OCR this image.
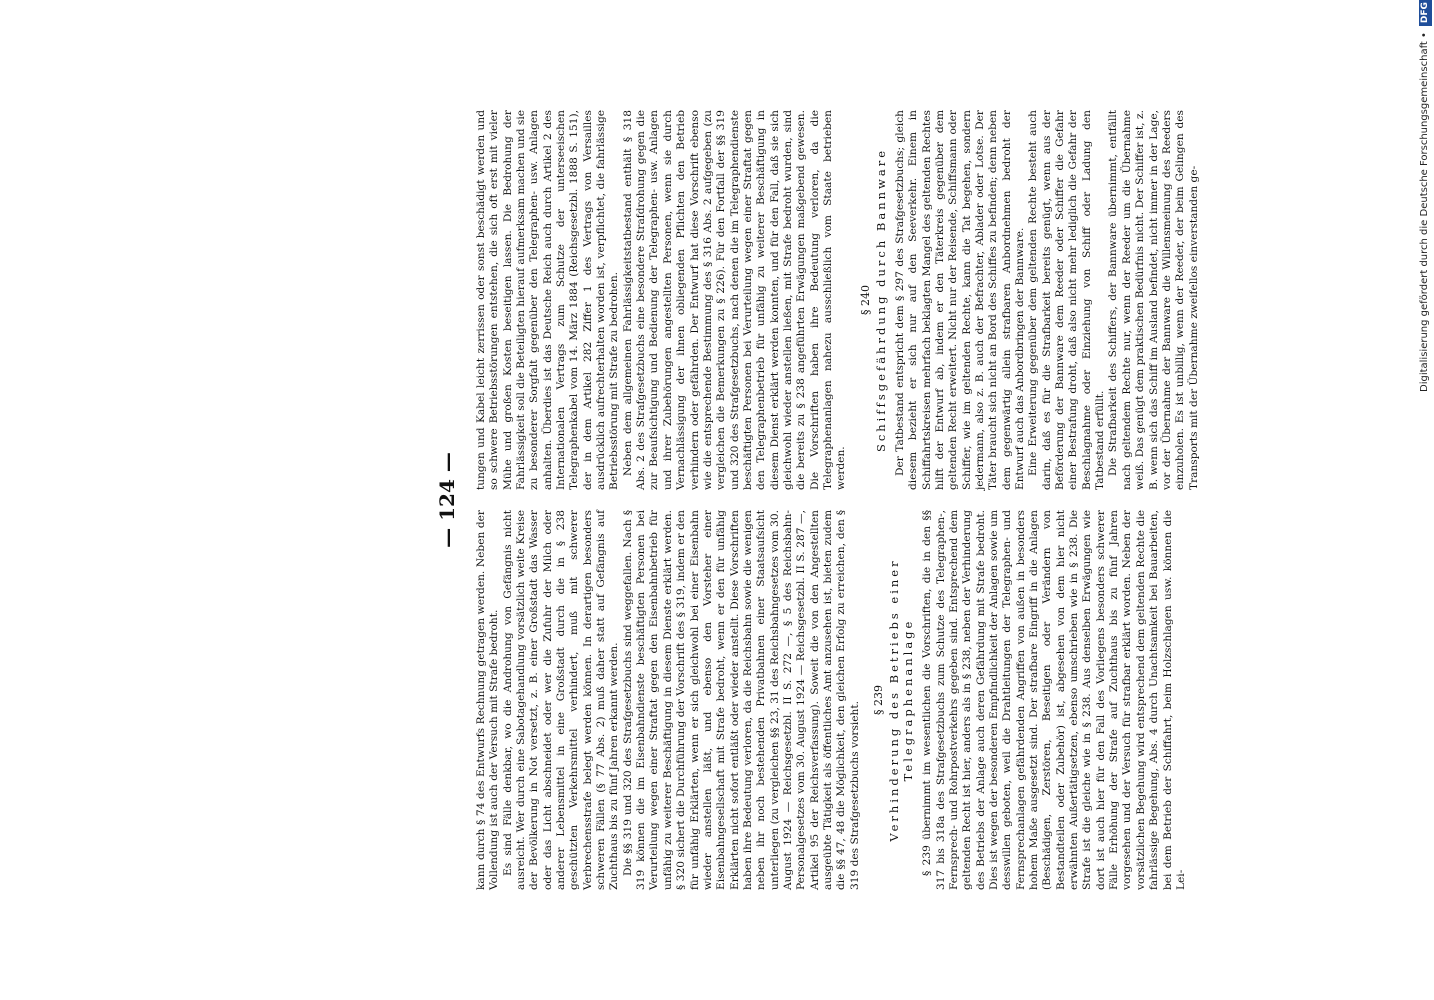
— 124 —

kann durch § 74 des Entwurfs Rechnung getragen werden. Neben der Vollendung ist auch der Versuch mit Strafe bedroht. Es sind Fälle denkbar, wo die Androhung von Gefängnis nicht ausreicht. Wer durch eine Sabotagehandlung vorsätzlich weite Kreise der Bevölkerung in Not versetzt, z. B. einer Großstadt das Wasser oder das Licht abschneidet oder wer die Zufuhr der Milch oder anderer Lebensmittel in eine Großstadt durch die in § 238 geschützten Verkehrsmittel verhindert, muß mit schwerer Verbrechensstrafe belegt werden können. In derartigen besonders schweren Fällen (§ 77 Abs. 2) muß daher statt auf Gefängnis auf Zuchthaus bis zu fünf Jahren erkannt werden. Die §§ 319 und 320 des Strafgesetzbuchs sind weggefallen. Nach § 319 können die im Eisenbahndienste beschäftigten Personen bei Verurteilung wegen einer Straftat gegen den Eisenbahnbetrieb für unfähig zu weiterer Beschäftigung in diesem Dienste erklärt werden. § 320 sichert die Durchführung der Vorschrift des § 319, indem er den für unfähig Erklärten, wenn er sich gleichwohl bei einer Eisenbahn wieder anstellen läßt, und ebenso den Vorsteher einer Eisenbahngesellschaft mit Strafe bedroht, wenn er den für unfähig Erklärten nicht sofort entläßt oder wieder anstellt. Diese Vorschriften haben ihre Bedeutung verloren, da die Reichsbahn sowie die wenigen neben ihr noch bestehenden Privatbahnen einer Staatsaufsicht unterliegen (zu vergleichen §§ 23, 31 des Reichsbahngesetzes vom 30. August 1924 — Reichsgesetzbl. II S. 272 —, § 5 des Reichsbahn-Personalgesetzes vom 30. August 1924 — Reichsgesetzbl. II S. 287 —, Artikel 95 der Reichsverfassung). Soweit die von den Angestellten ausgeübte Tätigkeit als öffentliches Amt anzusehen ist, bieten zudem die §§ 47, 48 die Möglichkeit, den gleichen Erfolg zu erreichen, den § 319 des Strafgesetzbuchs vorsieht.

§ 239 Verhinderung des Betriebs einer Telegraphenanlage § 239 übernimmt im wesentlichen die Vorschriften, die in den §§ 317 bis 318a des Strafgesetzbuchs zum Schutze des Telegraphen-, Fernsprech- und Rohrpostverkehrs gegeben sind. Entsprechend dem geltenden Recht ist hier, anders als in § 238, neben der Verhinderung des Betriebs der Anlage auch deren Gefährdung mit Strafe bedroht. Dies ist wegen der besonderen Empfindlichkeit der Anlagen sowie um desswillen geboten, weil die Drahtleitungen der Telegraphen- und Fernsprechanlagen gefährdenden Angriffen von außen in besonders hohem Maße ausgesetzt sind. Der strafbare Eingriff in die Anlagen (Beschädigen, Zerstören, Beseitigen oder Verändern von Bestandteilen oder Zubehör) ist, abgesehen von dem hier nicht erwähnten Außertätigsetzen, ebenso umschrieben wie in § 238. Die Strafe ist die gleiche wie in § 238. Aus denselben Erwägungen wie dort ist auch hier für den Fall des Vorliegens besonders schwerer Fälle Erhöhung der Strafe auf Zuchthaus bis zu fünf Jahren vorgesehen und der Versuch für strafbar erklärt worden. Neben der vorsätzlichen Begehung wird entsprechend dem geltenden Rechte die fahrlässige Begehung, Abs. 4 durch Unachtsamkeit bei Bauarbeiten, bei dem Betrieb der Schiffahrt, beim Holzschlagen usw. können die Lei-

tungen und Kabel leicht zerrissen oder sonst beschädigt werden und so schwere Betriebsstörungen entstehen, die sich oft erst mit vieler Mühe und großen Kosten beseitigen lassen. Die Bedrohung der Fahrlässigkeit soll die Beteiligten hierauf aufmerksam machen und sie zu besonderer Sorgfalt gegenüber den Telegraphen- usw. Anlagen anhalten. Überdies ist das Deutsche Reich auch durch Artikel 2 des Internationalen Vertrags zum Schutze der unterseeischen Telegraphenkabel vom 14. März 1884 (Reichsgesetzbl. 1888 S. 151), der in dem Artikel 282 Ziffer 1 des Vertrags von Versailles ausdrücklich aufrechterhalten worden ist, verpflichtet, die fahrlässige Betriebsstörung mit Strafe zu bedrohen. Neben dem allgemeinen Fahrlässigkeitstatbestand enthält § 318 Abs. 2 des Strafgesetzbuchs eine besondere Strafdrohung gegen die zur Beaufsichtigung und Bedienung der Telegraphen- usw. Anlagen und ihrer Zubehörungen angestellten Personen, wenn sie durch Vernachlässigung der ihnen obliegenden Pflichten den Betrieb verhindern oder gefährden. Der Entwurf hat diese Vorschrift ebenso wie die entsprechende Bestimmung des § 316 Abs. 2 aufgegeben (zu vergleichen die Bemerkungen zu § 226). Für den Fortfall der §§ 319 und 320 des Strafgesetzbuchs, nach denen die im Telegraphendienste beschäftigten Personen bei Verurteilung wegen einer Straftat gegen den Telegraphenbetrieb für unfähig zu weiterer Beschäftigung in diesem Dienst erklärt werden konnten, und für den Fall, daß sie sich gleichwohl wieder anstellen ließen, mit Strafe bedroht wurden, sind die bereits zu § 238 angeführten Erwägungen maßgebend gewesen. Die Vorschriften haben ihre Bedeutung verloren, da die Telegraphenanlagen nahezu ausschließlich vom Staate betrieben werden.

§ 240 Schiffsgefährdung durch Bannware Der Tatbestand entspricht dem § 297 des Strafgesetzbuchs; gleich diesem bezieht er sich nur auf den Seeverkehr. Einem in Schiffahrtskreisen mehrfach beklagten Mangel des geltenden Rechtes hilft der Entwurf ab, indem er den Täterkreis gegenüber dem geltenden Recht erweitert. Nicht nur der Reisende, Schiffsmann oder Schiffer, wie im geltenden Rechte, kann die Tat begehen, sondern jedermann, also z. B. auch der Befrachter, Ablader oder Lotse. Der Täter braucht sich nicht an Bord des Schiffes zu befinden; denn neben dem gegenwärtig allein strafbaren Anbordnehmen bedroht der Entwurf auch das Anbordbringen der Bannware. Eine Erweiterung gegenüber dem geltenden Rechte besteht auch darin, daß es für die Strafbarkeit bereits genügt, wenn aus der Beförderung der Bannware dem Reeder oder Schiffer die Gefahr einer Bestrafung droht, daß also nicht mehr lediglich die Gefahr der Beschlagnahme oder Einziehung von Schiff oder Ladung den Tatbestand erfüllt. Die Strafbarkeit des Schiffers, der Bannware übernimmt, entfällt nach geltendem Rechte nur, wenn der Reeder um die Übernahme weiß. Das genügt dem praktischen Bedürfnis nicht. Der Schiffer ist, z. B. wenn sich das Schiff im Ausland befindet, nicht immer in der Lage, vor der Übernahme der Bannware die Willensmeinung des Reeders einzuholen. Es ist unbillig, wenn der Reeder, der beim Gelingen des Transports mit der Übernahme zweifellos einverstanden ge-	Digitalisierung gefördert durch die Deutsche Forschungsgemeinschaft •DFG
